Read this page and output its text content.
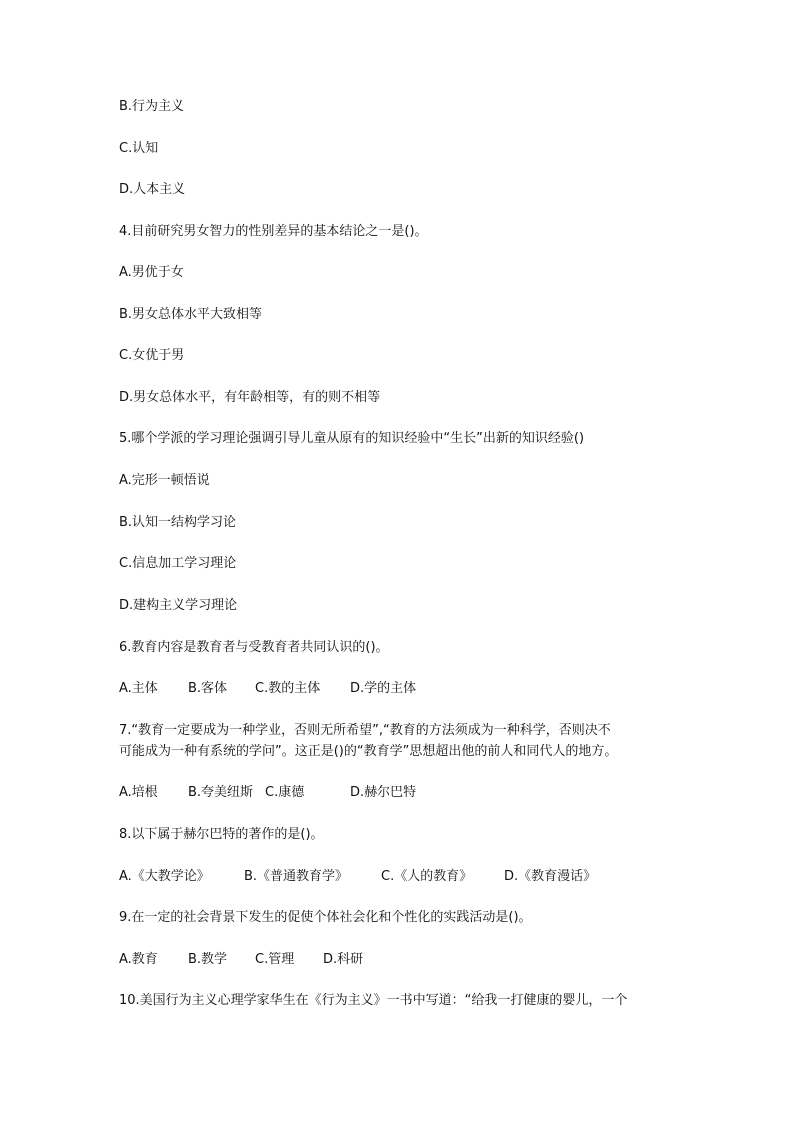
B.行为主义
C.认知
D.人本主义
4.目前研究男女智力的性别差异的基本结论之一是()。
A.男优于女
B.男女总体水平大致相等
C.女优于男
D.男女总体水平，有年龄相等，有的则不相等
5.哪个学派的学习理论强调引导儿童从原有的知识经验中“生长”出新的知识经验()
A.完形一顿悟说
B.认知一结构学习论
C.信息加工学习理论
D.建构主义学习理论
6.教育内容是教育者与受教育者共同认识的()。
A.主体 B.客体 C.教的主体 D.学的主体
7.“教育一定要成为一种学业，否则无所希望”,“教育的方法须成为一种科学，否则决不
可能成为一种有系统的学问”。这正是()的“教育学”思想超出他的前人和同代人的地方。
A.培根 B.夸美纽斯 C.康德	D.赫尔巴特
8.以下属于赫尔巴特的著作的是()。
A.《大教学论》	B.《普通教育学》	C.《人的教育》 D.《教育漫话》
9.在一定的社会背景下发生的促使个体社会化和个性化的实践活动是()。
A.教育 B.教学 C.管理 D.科研
10.美国行为主义心理学家华生在《行为主义》一书中写道：“给我一打健康的婴儿，一个
